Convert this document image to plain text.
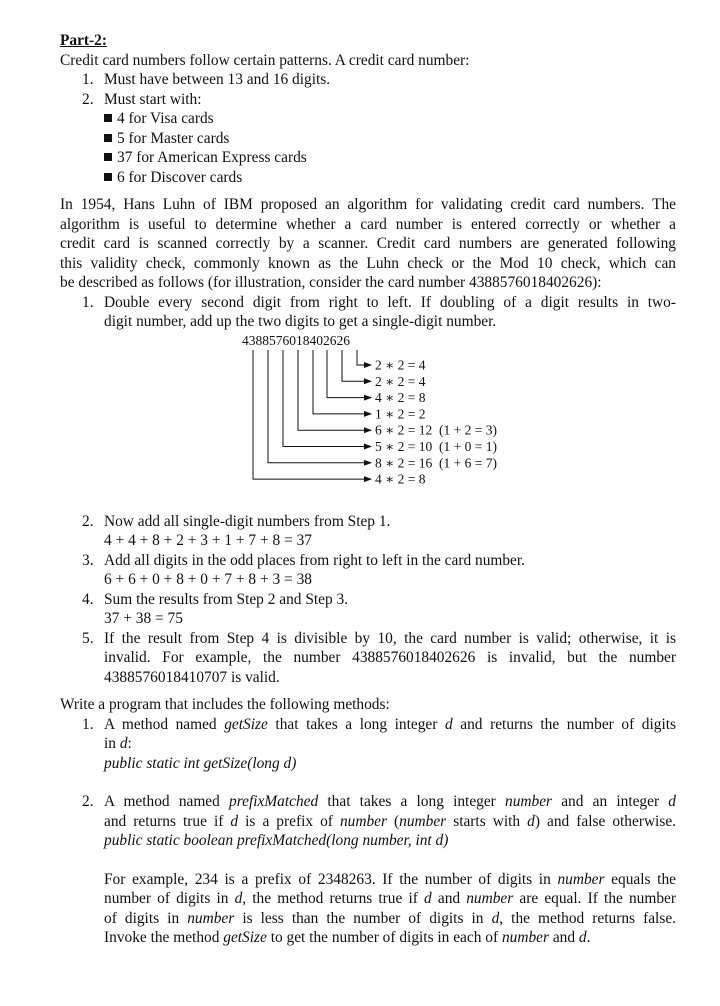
Part-2:
Credit card numbers follow certain patterns. A credit card number:
1. Must have between 13 and 16 digits.
2. Must start with:
4 for Visa cards
5 for Master cards
37 for American Express cards
6 for Discover cards
In 1954, Hans Luhn of IBM proposed an algorithm for validating credit card numbers. The
algorithm is useful to determine whether a card number is entered correctly or whether a
credit card is scanned correctly by a scanner. Credit card numbers are generated following
this validity check, commonly known as the Luhn check or the Mod 10 check, which can
be described as follows (for illustration, consider the card number 4388576018402626):
1. Double every second digit from right to left. If doubling of a digit results in two-
digit number, add up the two digits to get a single-digit number.
2. Now add all single-digit numbers from Step 1.
4 + 4 + 8 + 2 + 3 + 1 + 7 + 8 = 37
3. Add all digits in the odd places from right to left in the card number.
6 + 6 + 0 + 8 + 0 + 7 + 8 + 3 = 38
4. Sum the results from Step 2 and Step 3.
37 + 38 = 75
5. If the result from Step 4 is divisible by 10, the card number is valid; otherwise, it is
invalid. For example, the number 4388576018402626 is invalid, but the number
4388576018410707 is valid.
Write a program that includes the following methods:
1. A method named getSize that takes a long integer d and returns the number of digits
in d:
public static int getSize(long d)
2. A method named prefixMatched that takes a long integer number and an integer d
and returns true if d is a prefix of number (number starts with d) and false otherwise.
public static boolean prefixMatched(long number, int d)
For example, 234 is a prefix of 2348263. If the number of digits in number equals the
number of digits in d, the method returns true if d and number are equal. If the number
of digits in number is less than the number of digits in d, the method returns false.
Invoke the method getSize to get the number of digits in each of number and d.
4388576018402626
2 ∗ 2 = 4
2 ∗ 2 = 4
4 ∗ 2 = 8
1 ∗ 2 = 2
6 ∗ 2 = 12  (1 + 2 = 3)
5 ∗ 2 = 10  (1 + 0 = 1)
8 ∗ 2 = 16  (1 + 6 = 7)
4 ∗ 2 = 8
